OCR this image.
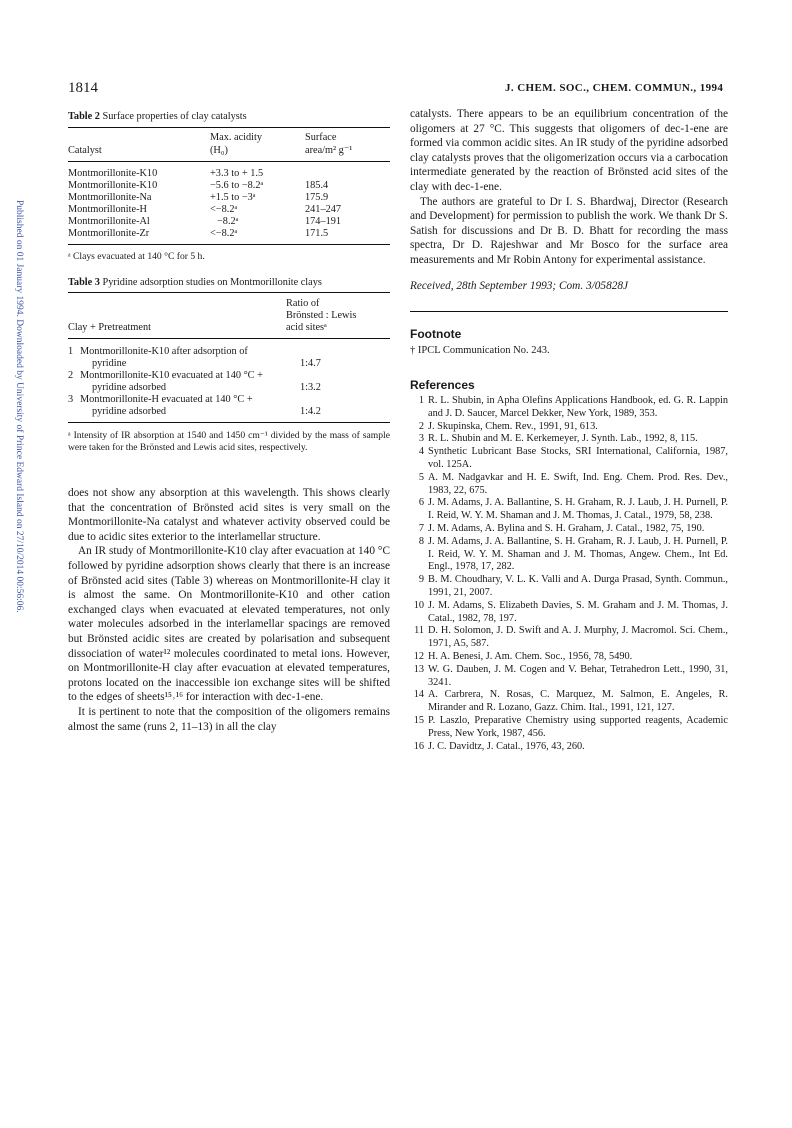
Published on 01 January 1994. Downloaded by University of Prince Edward Island on 27/10/2014 00:56:06.
1814	J. CHEM. SOC., CHEM. COMMUN., 1994
Table 2 Surface properties of clay catalysts
Max. acidity	Surface
Catalyst	(H₀)	area/m² g⁻¹
Montmorillonite-K10	+3.3 to + 1.5
Montmorillonite-K10	−5.6 to −8.2ᵃ	185.4
Montmorillonite-Na	+1.5 to −3ᵃ	175.9
Montmorillonite-H	<−8.2ᵃ	241–247
Montmorillonite-Al	−8.2ᵃ	174–191
Montmorillonite-Zr	<−8.2ᵃ	171.5
ᵃ Clays evacuated at 140 °C for 5 h.
Table 3 Pyridine adsorption studies on Montmorillonite clays
Ratio of
Brönsted : Lewis
Clay + Pretreatment	acid sitesᵃ
1 Montmorillonite-K10 after adsorption of
pyridine	1:4.7
2 Montmorillonite-K10 evacuated at 140 °C +
pyridine adsorbed	1:3.2
3 Montmorillonite-H evacuated at 140 °C +
pyridine adsorbed	1:4.2
ᵃ Intensity of IR absorption at 1540 and 1450 cm⁻¹ divided by the mass of sample were taken for the Brönsted and Lewis acid sites, respectively.

does not show any absorption at this wavelength. This shows clearly that the concentration of Brönsted acid sites is very small on the Montmorillonite-Na catalyst and whatever activity observed could be due to acidic sites exterior to the interlamellar structure.

An IR study of Montmorillonite-K10 clay after evacuation at 140 °C followed by pyridine adsorption shows clearly that there is an increase of Brönsted acid sites (Table 3) whereas on Montmorillonite-H clay it is almost the same. On Montmorillonite-K10 and other cation exchanged clays when evacuated at elevated temperatures, not only water molecules adsorbed in the interlamellar spacings are removed but Brönsted acidic sites are created by polarisation and subsequent dissociation of water¹² molecules coordinated to metal ions. However, on Montmorillonite-H clay after evacuation at elevated temperatures, protons located on the inaccessible ion exchange sites will be shifted to the edges of sheets¹⁵˒¹⁶ for interaction with dec-1-ene.

It is pertinent to note that the composition of the oligomers remains almost the same (runs 2, 11–13) in all the clay

catalysts. There appears to be an equilibrium concentration of the oligomers at 27 °C. This suggests that oligomers of dec-1-ene are formed via common acidic sites. An IR study of the pyridine adsorbed clay catalysts proves that the oligomerization occurs via a carbocation intermediate generated by the reaction of Brönsted acid sites of the clay with dec-1-ene.

The authors are grateful to Dr I. S. Bhardwaj, Director (Research and Development) for permission to publish the work. We thank Dr S. Satish for discussions and Dr B. D. Bhatt for recording the mass spectra, Dr D. Rajeshwar and Mr Bosco for the surface area measurements and Mr Robin Antony for experimental assistance.

Received, 28th September 1993; Com. 3/05828J
Footnote
† IPCL Communication No. 243.
References
1 R. L. Shubin, in Apha Olefins Applications Handbook, ed. G. R. Lappin and J. D. Saucer, Marcel Dekker, New York, 1989, 353.
2 J. Skupinska, Chem. Rev., 1991, 91, 613.
3 R. L. Shubin and M. E. Kerkemeyer, J. Synth. Lab., 1992, 8, 115.
4 Synthetic Lubricant Base Stocks, SRI International, California, 1987, vol. 125A.
5 A. M. Nadgavkar and H. E. Swift, Ind. Eng. Chem. Prod. Res. Dev., 1983, 22, 675.
6 J. M. Adams, J. A. Ballantine, S. H. Graham, R. J. Laub, J. H. Purnell, P. I. Reid, W. Y. M. Shaman and J. M. Thomas, J. Catal., 1979, 58, 238.
7 J. M. Adams, A. Bylina and S. H. Graham, J. Catal., 1982, 75, 190.
8 J. M. Adams, J. A. Ballantine, S. H. Graham, R. J. Laub, J. H. Purnell, P. I. Reid, W. Y. M. Shaman and J. M. Thomas, Angew. Chem., Int Ed. Engl., 1978, 17, 282.
9 B. M. Choudhary, V. L. K. Valli and A. Durga Prasad, Synth. Commun., 1991, 21, 2007.
10 J. M. Adams, S. Elizabeth Davies, S. M. Graham and J. M. Thomas, J. Catal., 1982, 78, 197.
11 D. H. Solomon, J. D. Swift and A. J. Murphy, J. Macromol. Sci. Chem., 1971, A5, 587.
12 H. A. Benesi, J. Am. Chem. Soc., 1956, 78, 5490.
13 W. G. Dauben, J. M. Cogen and V. Behar, Tetrahedron Lett., 1990, 31, 3241.
14 A. Carbrera, N. Rosas, C. Marquez, M. Salmon, E. Angeles, R. Mirander and R. Lozano, Gazz. Chim. Ital., 1991, 121, 127.
15 P. Laszlo, Preparative Chemistry using supported reagents, Academic Press, New York, 1987, 456.
16 J. C. Davidtz, J. Catal., 1976, 43, 260.
